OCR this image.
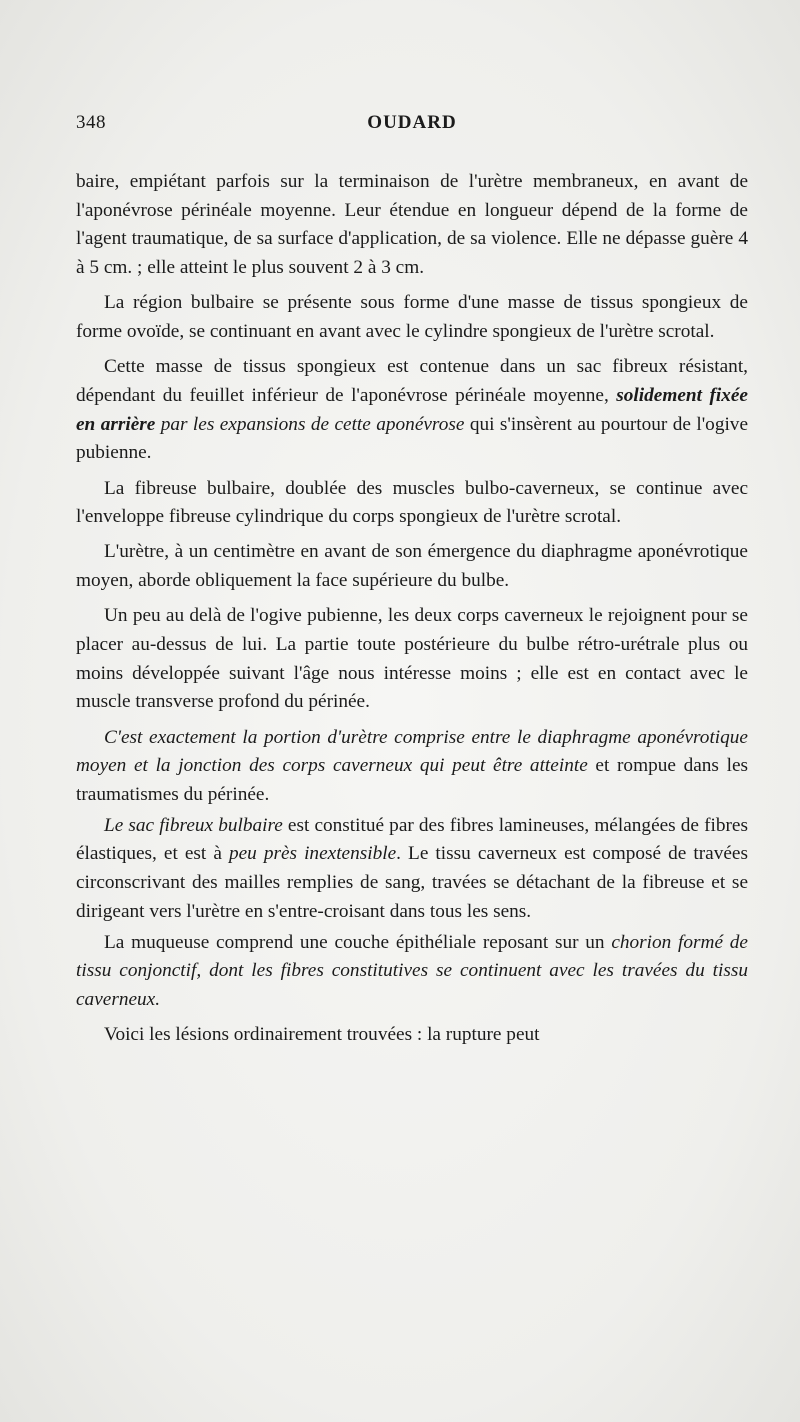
348	OUDARD

baire, empiétant parfois sur la terminaison de l'urètre membraneux, en avant de l'aponévrose périnéale moyenne. Leur étendue en longueur dépend de la forme de l'agent traumatique, de sa surface d'application, de sa violence. Elle ne dépasse guère 4 à 5 cm. ; elle atteint le plus souvent 2 à 3 cm.

La région bulbaire se présente sous forme d'une masse de tissus spongieux de forme ovoïde, se continuant en avant avec le cylindre spongieux de l'urètre scrotal.

Cette masse de tissus spongieux est contenue dans un sac fibreux résistant, dépendant du feuillet inférieur de l'aponévrose périnéale moyenne, solidement fixée en arrière par les expansions de cette aponévrose qui s'insèrent au pourtour de l'ogive pubienne.

La fibreuse bulbaire, doublée des muscles bulbo-caverneux, se continue avec l'enveloppe fibreuse cylindrique du corps spongieux de l'urètre scrotal.

L'urètre, à un centimètre en avant de son émergence du diaphragme aponévrotique moyen, aborde obliquement la face supérieure du bulbe.

Un peu au delà de l'ogive pubienne, les deux corps caverneux le rejoignent pour se placer au-dessus de lui. La partie toute postérieure du bulbe rétro-urétrale plus ou moins développée suivant l'âge nous intéresse moins ; elle est en contact avec le muscle transverse profond du périnée.

C'est exactement la portion d'urètre comprise entre le diaphragme aponévrotique moyen et la jonction des corps caverneux qui peut être atteinte et rompue dans les traumatismes du périnée.

Le sac fibreux bulbaire est constitué par des fibres lamineuses, mélangées de fibres élastiques, et est à peu près inextensible. Le tissu caverneux est composé de travées circonscrivant des mailles remplies de sang, travées se détachant de la fibreuse et se dirigeant vers l'urètre en s'entre-croisant dans tous les sens.

La muqueuse comprend une couche épithéliale reposant sur un chorion formé de tissu conjonctif, dont les fibres constitutives se continuent avec les travées du tissu caverneux.

Voici les lésions ordinairement trouvées : la rupture peut
